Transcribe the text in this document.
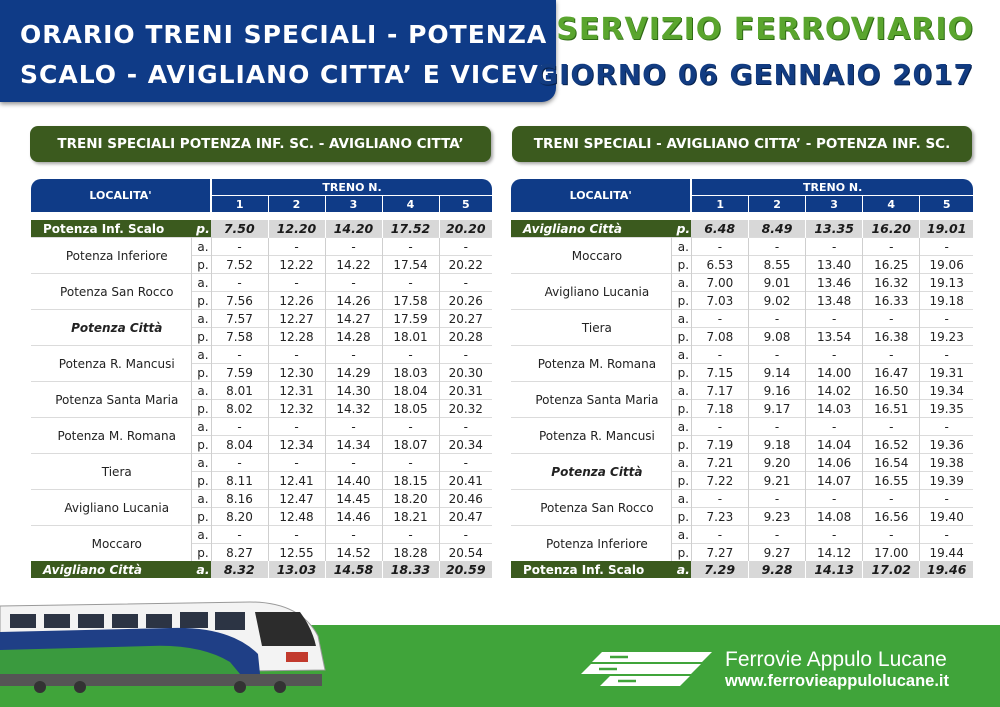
ORARIO TRENI SPECIALI - POTENZA INF.
SCALO - AVIGLIANO CITTA’ E VICEVERSA
SERVIZIO FERROVIARIO
GIORNO 06 GENNAIO 2017
TRENI SPECIALI POTENZA INF. SC. - AVIGLIANO CITTA’	TRENI SPECIALI - AVIGLIANO CITTA’ - POTENZA INF. SC.
LOCALITA'		TRENO N.				
		1	2	3	4	5

Potenza Inf. Scalo	p.	7.50	12.20	14.20	17.52	20.20
Potenza Inferiore	a.	-	-	-	-	-
	p.	7.52	12.22	14.22	17.54	20.22
Potenza San Rocco	a.	-	-	-	-	-
	p.	7.56	12.26	14.26	17.58	20.26
Potenza Città	a.	7.57	12.27	14.27	17.59	20.27
	p.	7.58	12.28	14.28	18.01	20.28
Potenza R. Mancusi	a.	-	-	-	-	-
	p.	7.59	12.30	14.29	18.03	20.30
Potenza Santa Maria	a.	8.01	12.31	14.30	18.04	20.31
	p.	8.02	12.32	14.32	18.05	20.32
Potenza M. Romana	a.	-	-	-	-	-
	p.	8.04	12.34	14.34	18.07	20.34
Tiera	a.	-	-	-	-	-
	p.	8.11	12.41	14.40	18.15	20.41
Avigliano Lucania	a.	8.16	12.47	14.45	18.20	20.46
	p.	8.20	12.48	14.46	18.21	20.47
Moccaro	a.	-	-	-	-	-
	p.	8.27	12.55	14.52	18.28	20.54
Avigliano Città	a.	8.32	13.03	14.58	18.33	20.59
LOCALITA'		TRENO N.				
		1	2	3	4	5

Avigliano Città	p.	6.48	8.49	13.35	16.20	19.01
Moccaro	a.	-	-	-	-	-
	p.	6.53	8.55	13.40	16.25	19.06
Avigliano Lucania	a.	7.00	9.01	13.46	16.32	19.13
	p.	7.03	9.02	13.48	16.33	19.18
Tiera	a.	-	-	-	-	-
	p.	7.08	9.08	13.54	16.38	19.23
Potenza M. Romana	a.	-	-	-	-	-
	p.	7.15	9.14	14.00	16.47	19.31
Potenza Santa Maria	a.	7.17	9.16	14.02	16.50	19.34
	p.	7.18	9.17	14.03	16.51	19.35
Potenza R. Mancusi	a.	-	-	-	-	-
	p.	7.19	9.18	14.04	16.52	19.36
Potenza Città	a.	7.21	9.20	14.06	16.54	19.38
	p.	7.22	9.21	14.07	16.55	19.39
Potenza San Rocco	a.	-	-	-	-	-
	p.	7.23	9.23	14.08	16.56	19.40
Potenza Inferiore	a.	-	-	-	-	-
	p.	7.27	9.27	14.12	17.00	19.44
Potenza Inf. Scalo	a.	7.29	9.28	14.13	17.02	19.46
Ferrovie Appulo Lucane
www.ferrovieappulolucane.it
